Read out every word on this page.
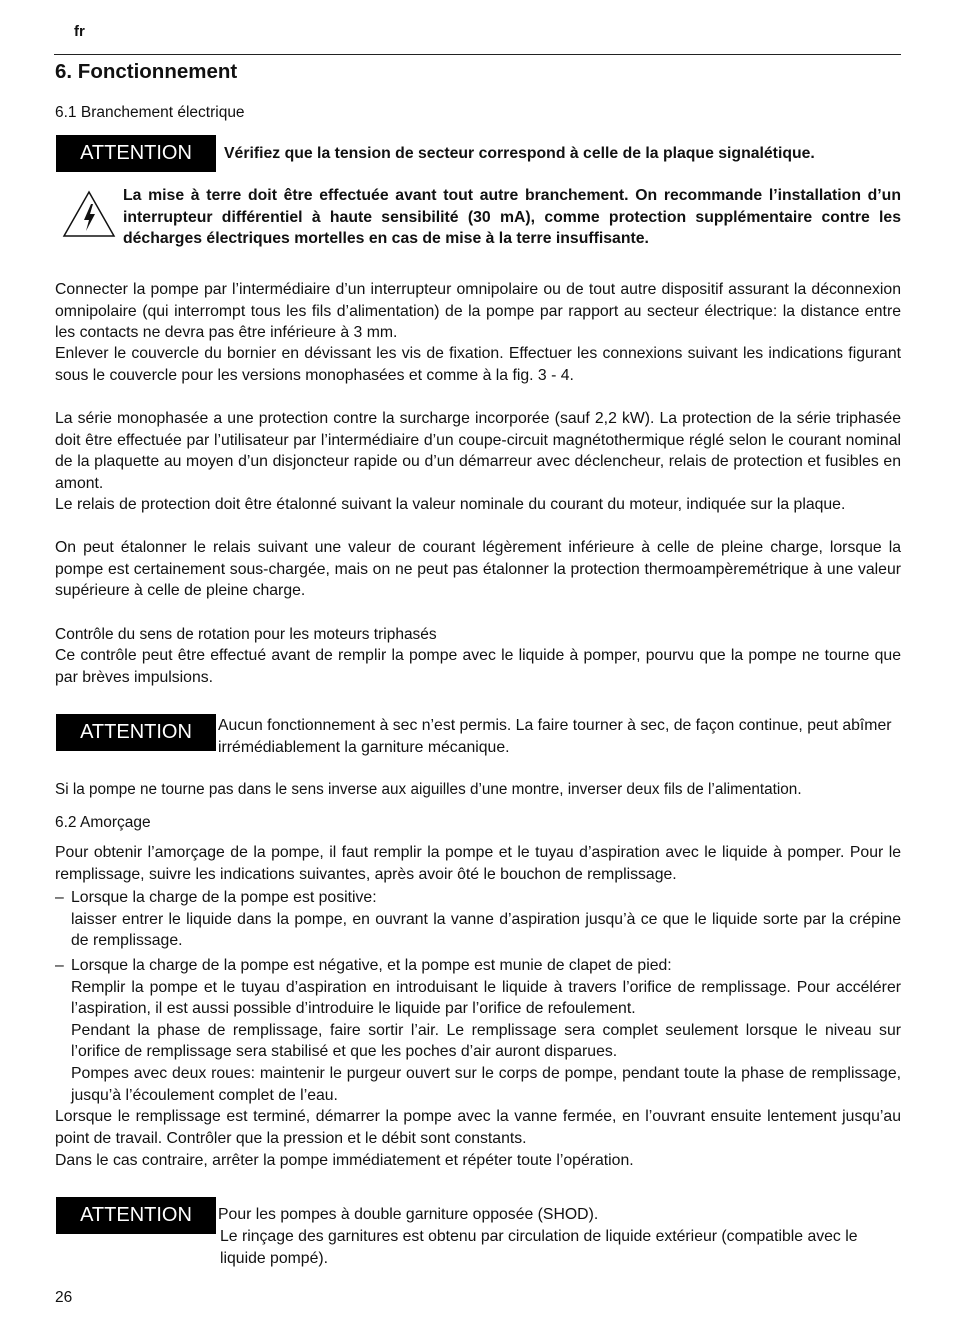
fr
6. Fonctionnement
6.1 Branchement électrique
ATTENTION	Vérifiez que la tension de secteur correspond à celle de la plaque signalétique.
La mise à terre doit être effectuée avant tout autre branchement. On recommande l’installation d’un interrupteur différentiel à haute sensibilité (30 mA), comme protection supplémentaire contre les décharges électriques mortelles en cas de mise à la terre insuffisante.
Connecter la pompe par l’intermédiaire d’un interrupteur omnipolaire ou de tout autre dispositif assurant la déconnexion omnipolaire (qui interrompt tous les fils d’alimentation) de la pompe par rapport au secteur électrique: la distance entre les contacts ne devra pas être inférieure à 3 mm.
Enlever le couvercle du bornier en dévissant les vis de fixation. Effectuer les connexions suivant les indications figurant sous le couvercle pour les versions monophasées et comme à la fig. 3 - 4.
La série monophasée a une protection contre la surcharge incorporée (sauf 2,2 kW). La protection de la série triphasée doit être effectuée par l’utilisateur par l’intermédiaire d’un coupe-circuit magnétothermique réglé selon le courant nominal de la plaquette au moyen d’un disjoncteur rapide ou d’un démarreur avec déclencheur, relais de protection et fusibles en amont.
Le relais de protection doit être étalonné suivant la valeur nominale du courant du moteur, indiquée sur la plaque.
On peut étalonner le relais suivant une valeur de courant légèrement inférieure à celle de pleine charge, lorsque la pompe est certainement sous-chargée, mais on ne peut pas étalonner la protection thermoampèremétrique à une valeur supérieure à celle de pleine charge.
Contrôle du sens de rotation pour les moteurs triphasés
Ce contrôle peut être effectué avant de remplir la pompe avec le liquide à pomper, pourvu que la pompe ne tourne que par brèves impulsions.
ATTENTION	Aucun fonctionnement à sec n’est permis. La faire tourner à sec, de façon continue, peut abîmer irrémédiablement la garniture mécanique.
Si la pompe ne tourne pas dans le sens inverse aux aiguilles d’une montre, inverser deux fils de l’alimentation.
6.2 Amorçage
Pour obtenir l’amorçage de la pompe, il faut remplir la pompe et le tuyau d’aspiration avec le liquide à pomper. Pour le remplissage, suivre les indications suivantes, après avoir ôté le bouchon de remplissage.
– Lorsque la charge de la pompe est positive:
laisser entrer le liquide dans la pompe, en ouvrant la vanne d’aspiration jusqu’à ce que le liquide sorte par la crépine de remplissage.
– Lorsque la charge de la pompe est négative, et la pompe est munie de clapet de pied:
Remplir la pompe et le tuyau d’aspiration en introduisant le liquide à travers l’orifice de remplissage. Pour accélérer l’aspiration, il est aussi possible d’introduire le liquide par l’orifice de refoulement.
Pendant la phase de remplissage, faire sortir l’air. Le remplissage sera complet seulement lorsque le niveau sur l’orifice de remplissage sera stabilisé et que les poches d’air auront disparues.
Pompes avec deux roues: maintenir le purgeur ouvert sur le corps de pompe, pendant toute la phase de remplissage, jusqu’à l’écoulement complet de l’eau.
Lorsque le remplissage est terminé, démarrer la pompe avec la vanne fermée, en l’ouvrant ensuite lentement jusqu’au point de travail. Contrôler que la pression et le débit sont constants.
Dans le cas contraire, arrêter la pompe immédiatement et répéter toute l’opération.
ATTENTION	Pour les pompes à double garniture opposée (SHOD).
Le rinçage des garnitures est obtenu par circulation de liquide extérieur (compatible avec le liquide pompé).
26
